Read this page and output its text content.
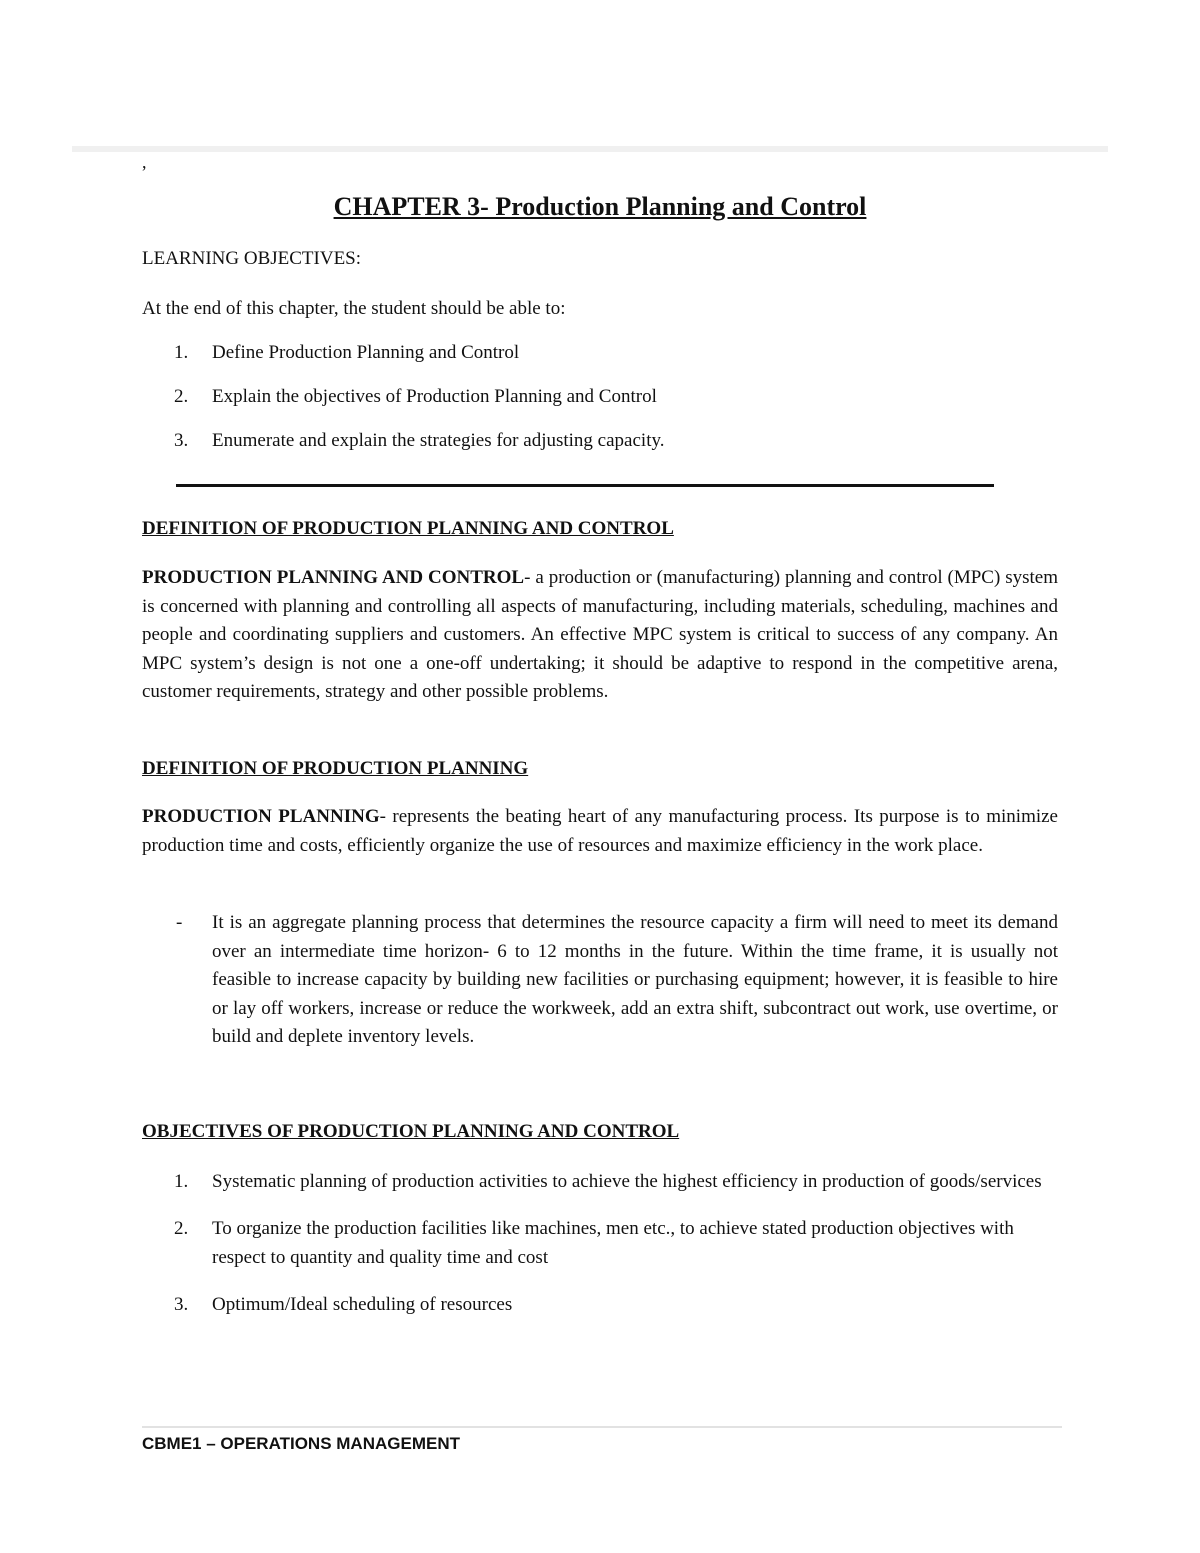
,
CHAPTER 3- Production Planning and Control

LEARNING OBJECTIVES:

At the end of this chapter, the student should be able to:

1. Define Production Planning and Control
2. Explain the objectives of Production Planning and Control
3. Enumerate and explain the strategies for adjusting capacity.
DEFINITION OF PRODUCTION PLANNING AND CONTROL

PRODUCTION PLANNING AND CONTROL- a production or (manufacturing) planning and control (MPC) system is concerned with planning and controlling all aspects of manufacturing, including materials, scheduling, machines and people and coordinating suppliers and customers. An effective MPC system is critical to success of any company. An MPC system’s design is not one a one-off undertaking; it should be adaptive to respond in the competitive arena, customer requirements, strategy and other possible problems.

DEFINITION OF PRODUCTION PLANNING

PRODUCTION PLANNING- represents the beating heart of any manufacturing process. Its purpose is to minimize production time and costs, efficiently organize the use of resources and maximize efficiency in the work place.

-	It is an aggregate planning process that determines the resource capacity a firm will need to meet its demand over an intermediate time horizon- 6 to 12 months in the future. Within the time frame, it is usually not feasible to increase capacity by building new facilities or purchasing equipment; however, it is feasible to hire or lay off workers, increase or reduce the workweek, add an extra shift, subcontract out work, use overtime, or build and deplete inventory levels.
OBJECTIVES OF PRODUCTION PLANNING AND CONTROL
1. Systematic planning of production activities to achieve the highest efficiency in production of goods/services
2. To organize the production facilities like machines, men etc., to achieve stated production objectives with respect to quantity and quality time and cost
3. Optimum/Ideal scheduling of resources

CBME1 – OPERATIONS MANAGEMENT
